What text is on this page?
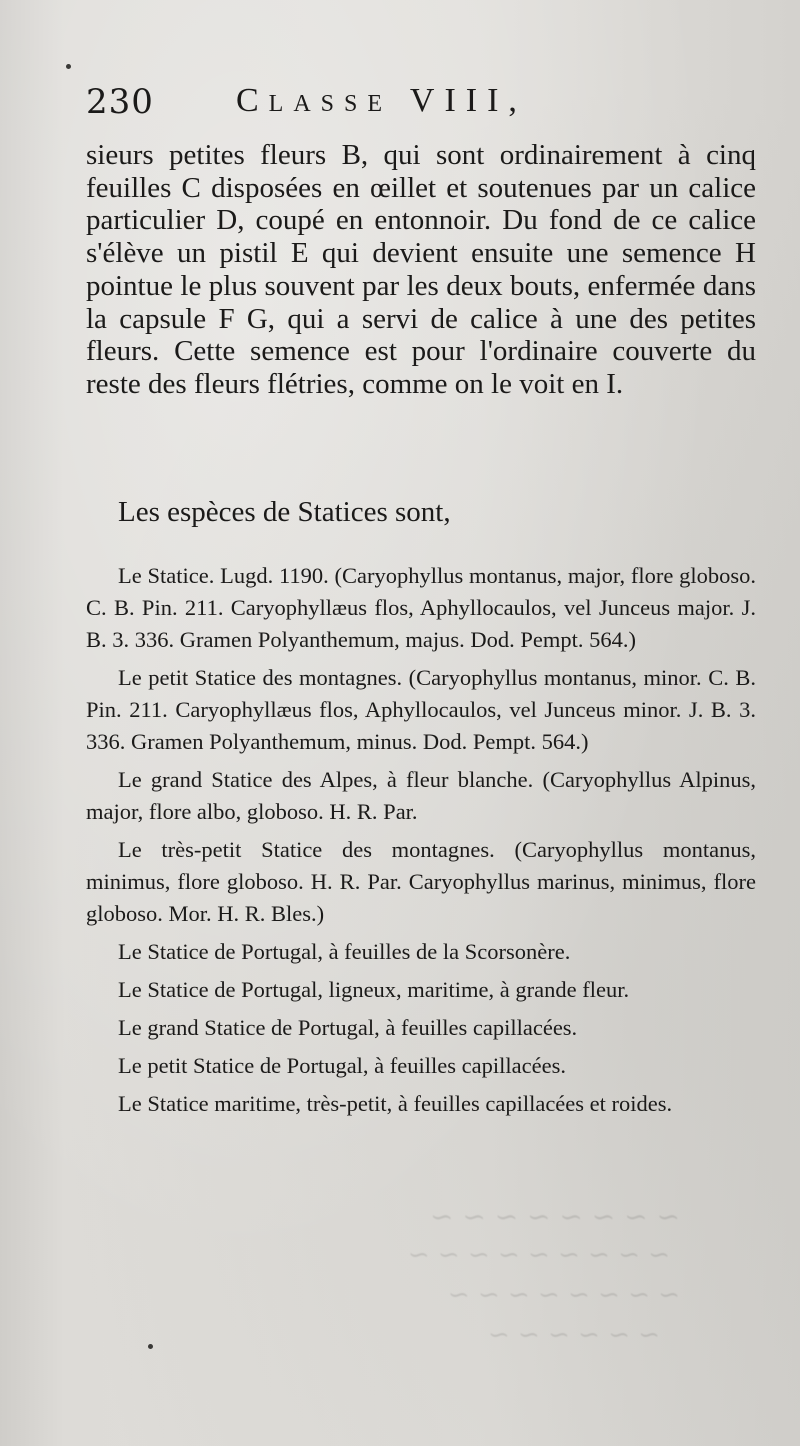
~ ~ ~ ~ ~ ~ ~ ~
~ ~ ~ ~ ~ ~ ~ ~ ~
~ ~ ~ ~ ~ ~ ~ ~
~ ~ ~ ~ ~ ~
230 Classe VIII,

sieurs petites fleurs B, qui sont ordinairement à cinq feuilles C disposées en œillet et soutenues par un calice particulier D, coupé en entonnoir. Du fond de ce calice s'élève un pistil E qui devient ensuite une semence H pointue le plus souvent par les deux bouts, enfermée dans la capsule F G, qui a servi de calice à une des petites fleurs. Cette semence est pour l'ordinaire couverte du reste des fleurs flétries, comme on le voit en I.

Les espèces de Statices sont,

Le Statice. Lugd. 1190. (Caryophyllus montanus, major, flore globoso. C. B. Pin. 211. Caryophyllæus flos, Aphyllocaulos, vel Junceus major. J. B. 3. 336. Gramen Polyanthemum, majus. Dod. Pempt. 564.)
Le petit Statice des montagnes. (Caryophyllus montanus, minor. C. B. Pin. 211. Caryophyllæus flos, Aphyllocaulos, vel Junceus minor. J. B. 3. 336. Gramen Polyanthemum, minus. Dod. Pempt. 564.)
Le grand Statice des Alpes, à fleur blanche. (Caryophyllus Alpinus, major, flore albo, globoso. H. R. Par.
Le très-petit Statice des montagnes. (Caryophyllus montanus, minimus, flore globoso. H. R. Par. Caryophyllus marinus, minimus, flore globoso. Mor. H. R. Bles.)
Le Statice de Portugal, à feuilles de la Scorsonère.
Le Statice de Portugal, ligneux, maritime, à grande fleur.
Le grand Statice de Portugal, à feuilles capillacées.
Le petit Statice de Portugal, à feuilles capillacées.
Le Statice maritime, très-petit, à feuilles capillacées et roides.
